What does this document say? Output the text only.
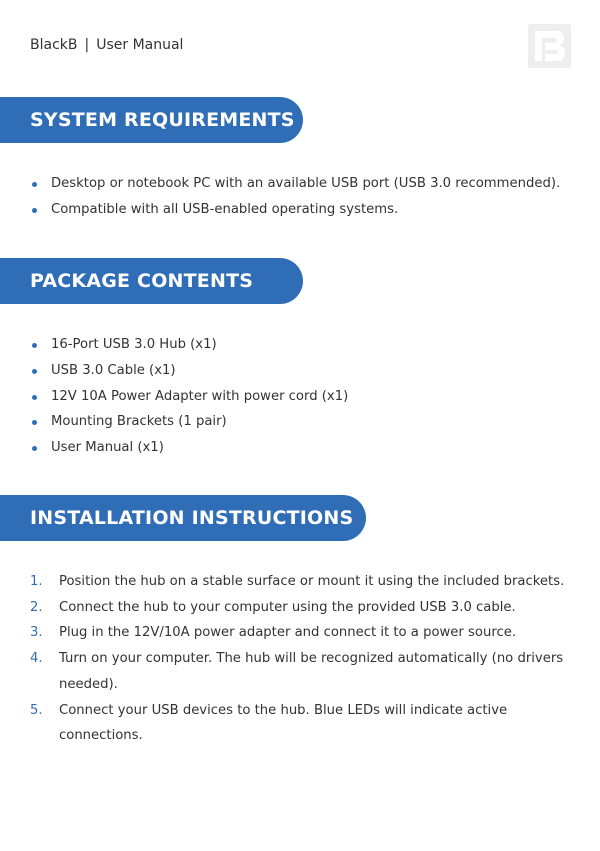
BlackB | User Manual
SYSTEM REQUIREMENTS
Desktop or notebook PC with an available USB port (USB 3.0 recommended).
Compatible with all USB-enabled operating systems.
PACKAGE CONTENTS
16-Port USB 3.0 Hub (x1)
USB 3.0 Cable (x1)
12V 10A Power Adapter with power cord (x1)
Mounting Brackets (1 pair)
User Manual (x1)
INSTALLATION INSTRUCTIONS
1.	Position the hub on a stable surface or mount it using the included brackets.
2.	Connect the hub to your computer using the provided USB 3.0 cable.
3.	Plug in the 12V/10A power adapter and connect it to a power source.
4.	Turn on your computer. The hub will be recognized automatically (no drivers needed).
5.	Connect your USB devices to the hub. Blue LEDs will indicate active connections.
